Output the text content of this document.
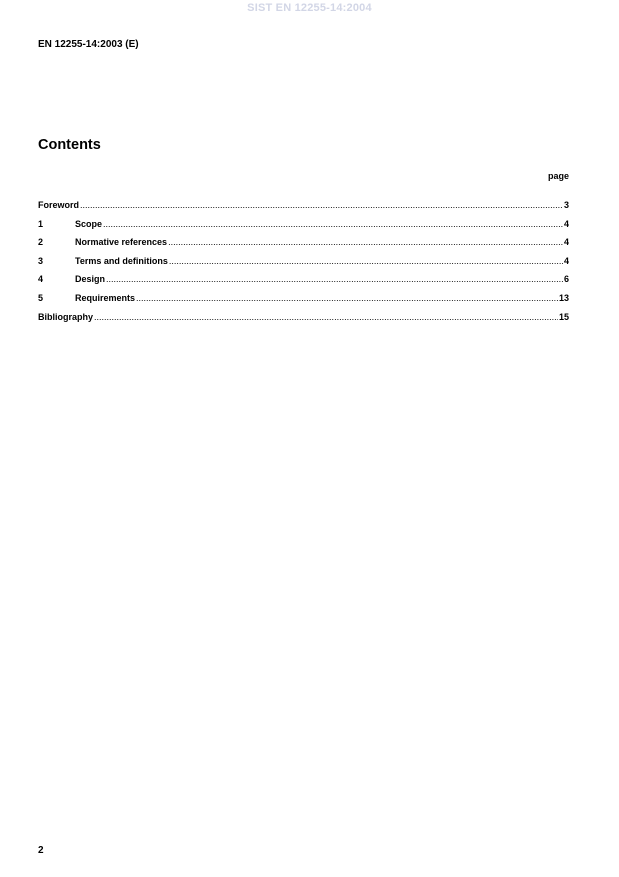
SIST EN 12255-14:2004
EN 12255-14:2003 (E)
Contents
page
Foreword .....	3
1	Scope .....	4
2	Normative references .....	4
3	Terms and definitions .....	4
4	Design .....	6
5	Requirements .....	13
Bibliography .....	15
2
